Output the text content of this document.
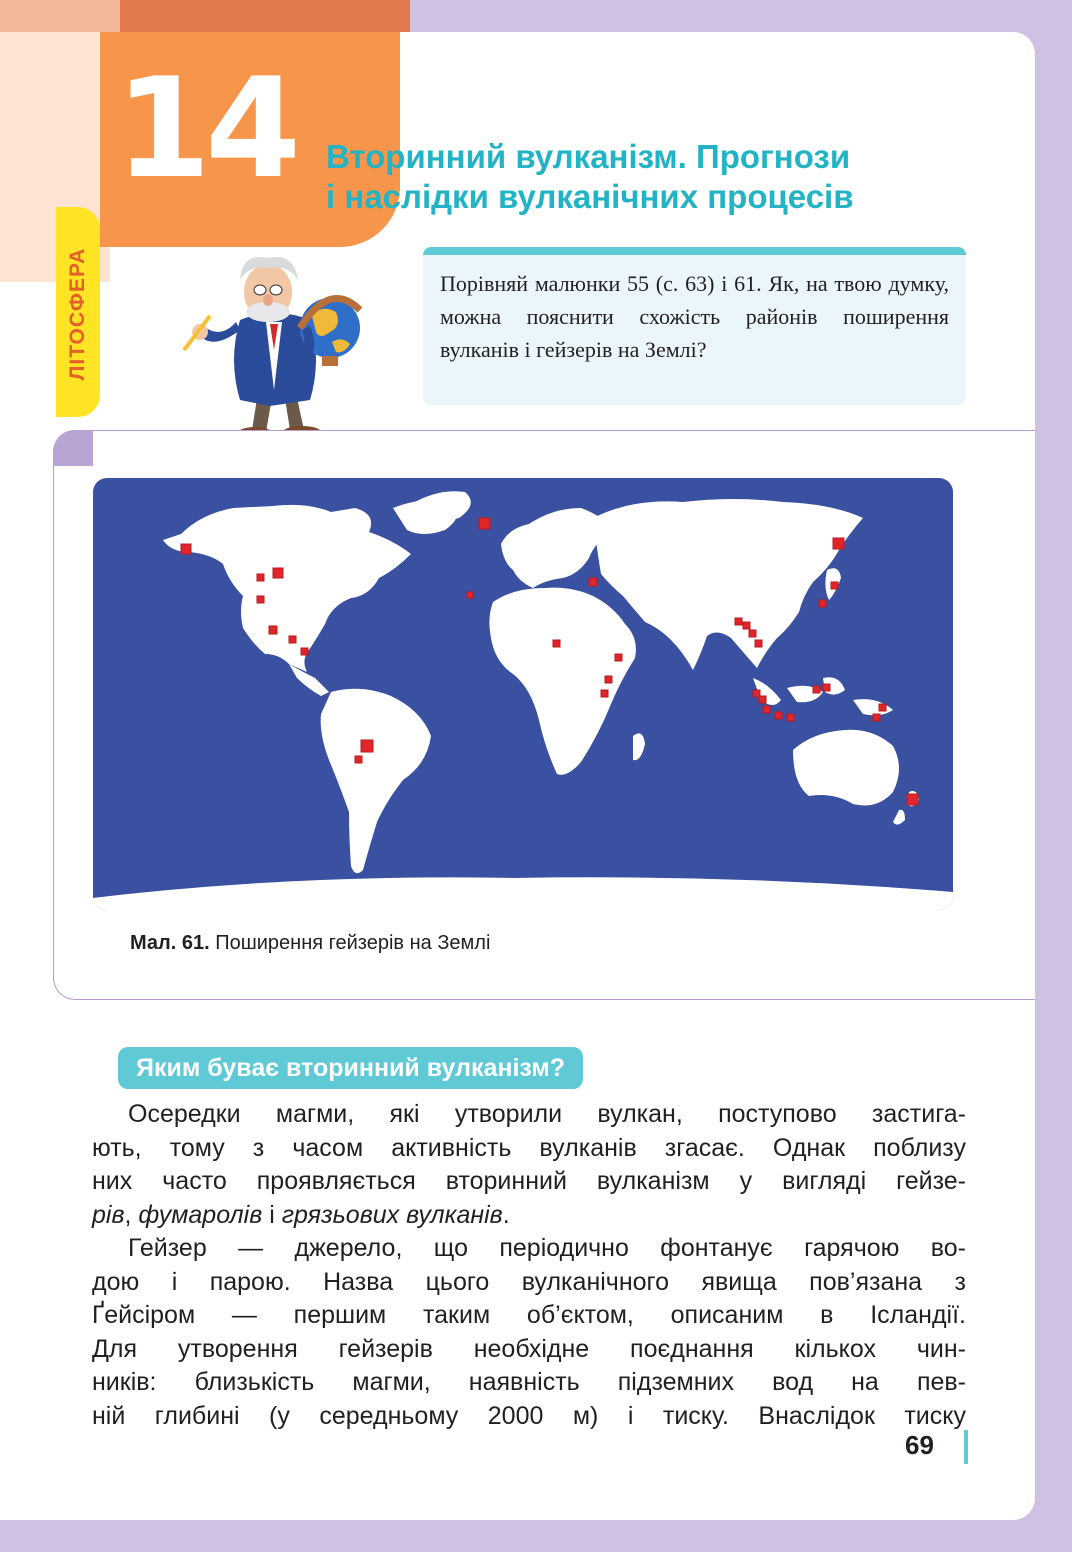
14
ЛІТОСФЕРА
Вторинний вулканізм. Прогнози
і наслідки вулканічних процесів
Порівняй малюнки 55 (с. 63) і 61. Як, на твою думку, можна пояснити схожість районів поширення вулканів і гейзерів на Землі?
Мал. 61. Поширення гейзерів на Землі
Яким буває вторинний вулканізм?
Осередки магми, які утворили вулкан, поступово застига-
ють, тому з часом активність вулканів згасає. Однак поблизу
них часто проявляється вторинний вулканізм у вигляді гейзе-
рів, фумаролів і грязьових вулканів.
Гейзер — джерело, що періодично фонтанує гарячою во-
дою і парою. Назва цього вулканічного явища пов’язана з
Ґейсіром — першим таким об’єктом, описаним в Ісландії.
Для утворення гейзерів необхідне поєднання кількох чин-
ників: близькість магми, наявність підземних вод на пев-
ній глибині (у середньому 2000 м) і тиску. Внаслідок тиску
69
